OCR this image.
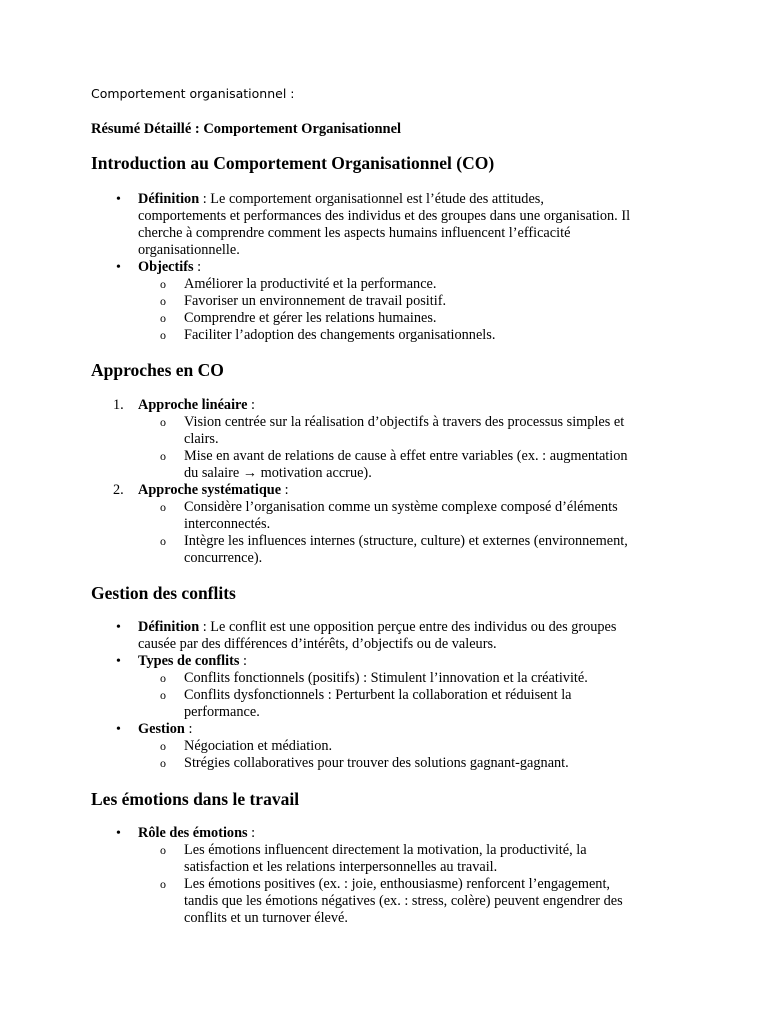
Comportement organisationnel :
Résumé Détaillé : Comportement Organisationnel
Introduction au Comportement Organisationnel (CO)
• Définition : Le comportement organisationnel est l’étude des attitudes,
comportements et performances des individus et des groupes dans une organisation. Il
cherche à comprendre comment les aspects humains influencent l’efficacité
organisationnelle.
• Objectifs :
o Améliorer la productivité et la performance.
o Favoriser un environnement de travail positif.
o Comprendre et gérer les relations humaines.
o Faciliter l’adoption des changements organisationnels.
Approches en CO
1. Approche linéaire :
o Vision centrée sur la réalisation d’objectifs à travers des processus simples et
clairs.
o Mise en avant de relations de cause à effet entre variables (ex. : augmentation
du salaire → motivation accrue).
2. Approche systématique :
o Considère l’organisation comme un système complexe composé d’éléments
interconnectés.
o Intègre les influences internes (structure, culture) et externes (environnement,
concurrence).
Gestion des conflits
• Définition : Le conflit est une opposition perçue entre des individus ou des groupes
causée par des différences d’intérêts, d’objectifs ou de valeurs.
• Types de conflits :
o Conflits fonctionnels (positifs) : Stimulent l’innovation et la créativité.
o Conflits dysfonctionnels : Perturbent la collaboration et réduisent la
performance.
• Gestion :
o Négociation et médiation.
o Strégies collaboratives pour trouver des solutions gagnant-gagnant.
Les émotions dans le travail
• Rôle des émotions :
o Les émotions influencent directement la motivation, la productivité, la
satisfaction et les relations interpersonnelles au travail.
o Les émotions positives (ex. : joie, enthousiasme) renforcent l’engagement,
tandis que les émotions négatives (ex. : stress, colère) peuvent engendrer des
conflits et un turnover élevé.
